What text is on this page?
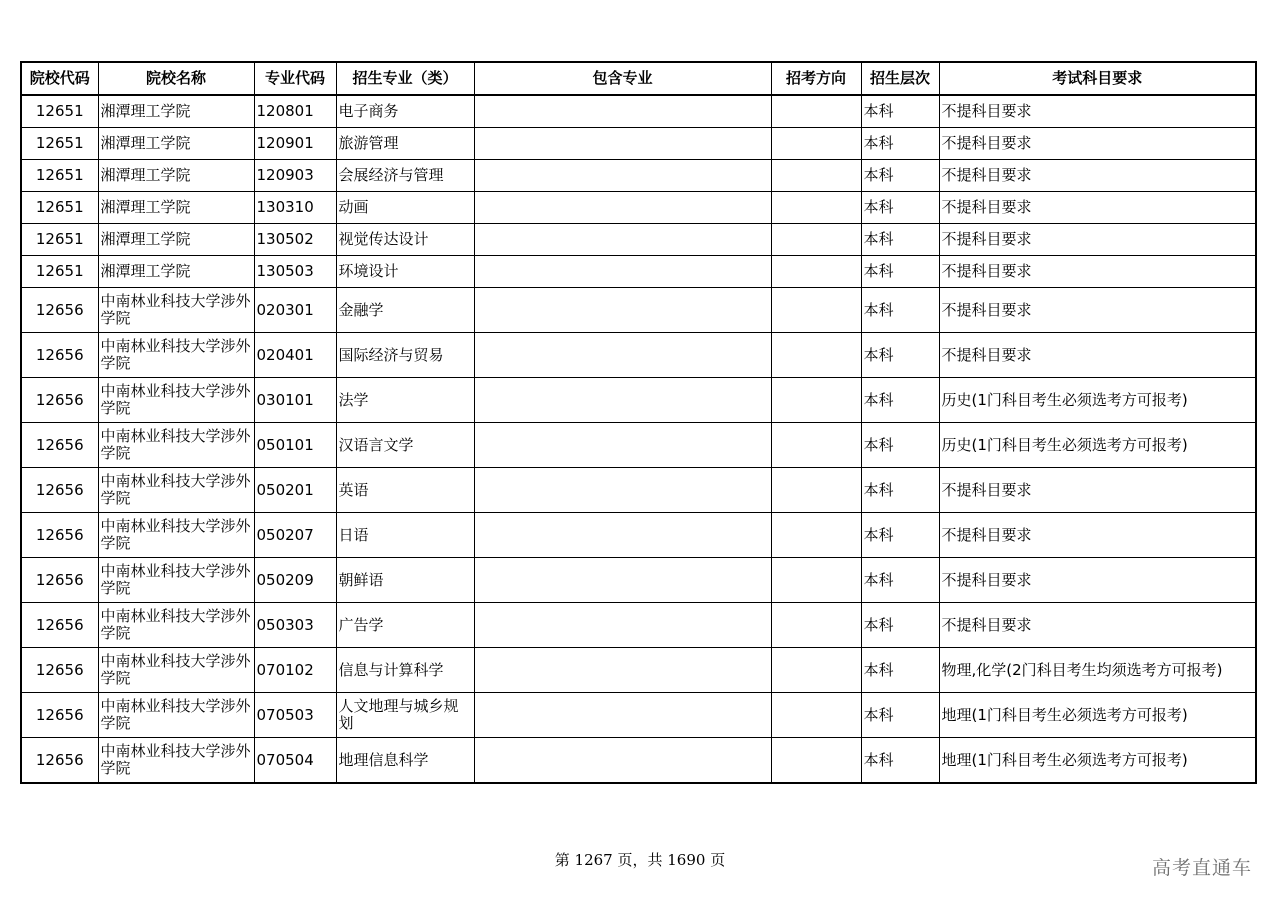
院校代码	院校名称	专业代码	招生专业（类）	包含专业	招考方向	招生层次	考试科目要求
12651	湘潭理工学院	120801	电子商务			本科	不提科目要求
12651	湘潭理工学院	120901	旅游管理			本科	不提科目要求
12651	湘潭理工学院	120903	会展经济与管理			本科	不提科目要求
12651	湘潭理工学院	130310	动画			本科	不提科目要求
12651	湘潭理工学院	130502	视觉传达设计			本科	不提科目要求
12651	湘潭理工学院	130503	环境设计			本科	不提科目要求
12656	中南林业科技大学涉外学院	020301	金融学			本科	不提科目要求
12656	中南林业科技大学涉外学院	020401	国际经济与贸易			本科	不提科目要求
12656	中南林业科技大学涉外学院	030101	法学			本科	历史(1门科目考生必须选考方可报考)
12656	中南林业科技大学涉外学院	050101	汉语言文学			本科	历史(1门科目考生必须选考方可报考)
12656	中南林业科技大学涉外学院	050201	英语			本科	不提科目要求
12656	中南林业科技大学涉外学院	050207	日语			本科	不提科目要求
12656	中南林业科技大学涉外学院	050209	朝鲜语			本科	不提科目要求
12656	中南林业科技大学涉外学院	050303	广告学			本科	不提科目要求
12656	中南林业科技大学涉外学院	070102	信息与计算科学			本科	物理,化学(2门科目考生均须选考方可报考)
12656	中南林业科技大学涉外学院	070503	人文地理与城乡规划			本科	地理(1门科目考生必须选考方可报考)
12656	中南林业科技大学涉外学院	070504	地理信息科学			本科	地理(1门科目考生必须选考方可报考)
第 1267 页，共 1690 页	高考直通车
